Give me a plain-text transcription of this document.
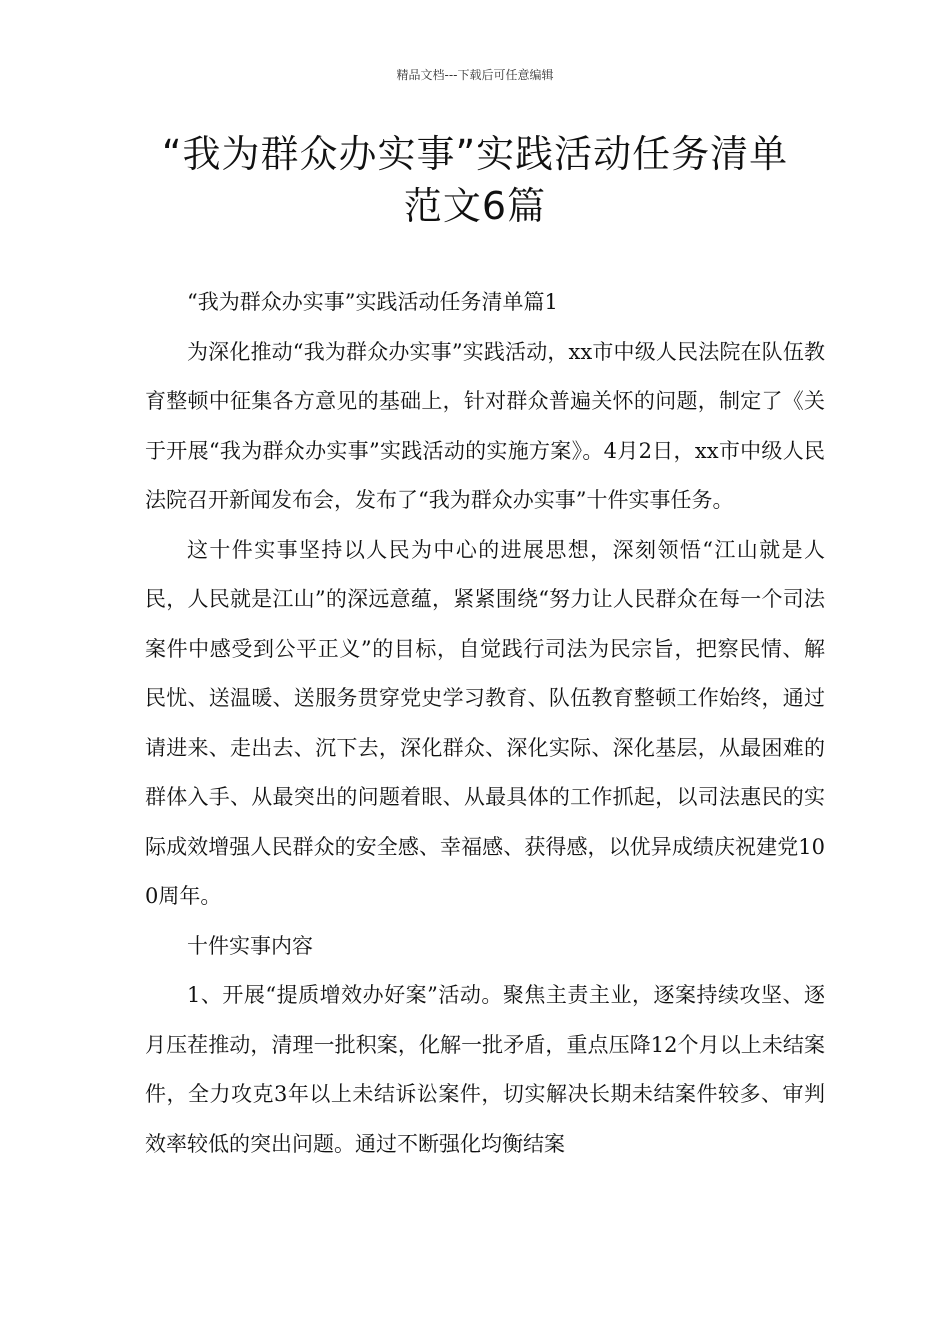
精品文档---下载后可任意编辑
“我为群众办实事”实践活动任务清单
范文6篇

“我为群众办实事”实践活动任务清单篇1

为深化推动“我为群众办实事”实践活动，xx市中级人民法院在队伍教育整顿中征集各方意见的基础上，针对群众普遍关怀的问题，制定了《关于开展“我为群众办实事”实践活动的实施方案》。4月2日，xx市中级人民法院召开新闻发布会，发布了“我为群众办实事”十件实事任务。

这十件实事坚持以人民为中心的进展思想，深刻领悟“江山就是人民，人民就是江山”的深远意蕴，紧紧围绕“努力让人民群众在每一个司法案件中感受到公平正义”的目标，自觉践行司法为民宗旨，把察民情、解民忧、送温暖、送服务贯穿党史学习教育、队伍教育整顿工作始终，通过请进来、走出去、沉下去，深化群众、深化实际、深化基层，从最困难的群体入手、从最突出的问题着眼、从最具体的工作抓起，以司法惠民的实际成效增强人民群众的安全感、幸福感、获得感，以优异成绩庆祝建党100周年。

十件实事内容

1、开展“提质增效办好案”活动。聚焦主责主业，逐案持续攻坚、逐月压茬推动，清理一批积案，化解一批矛盾，重点压降12个月以上未结案件，全力攻克3年以上未结诉讼案件，切实解决长期未结案件较多、审判效率较低的突出问题。通过不断强化均衡结案
